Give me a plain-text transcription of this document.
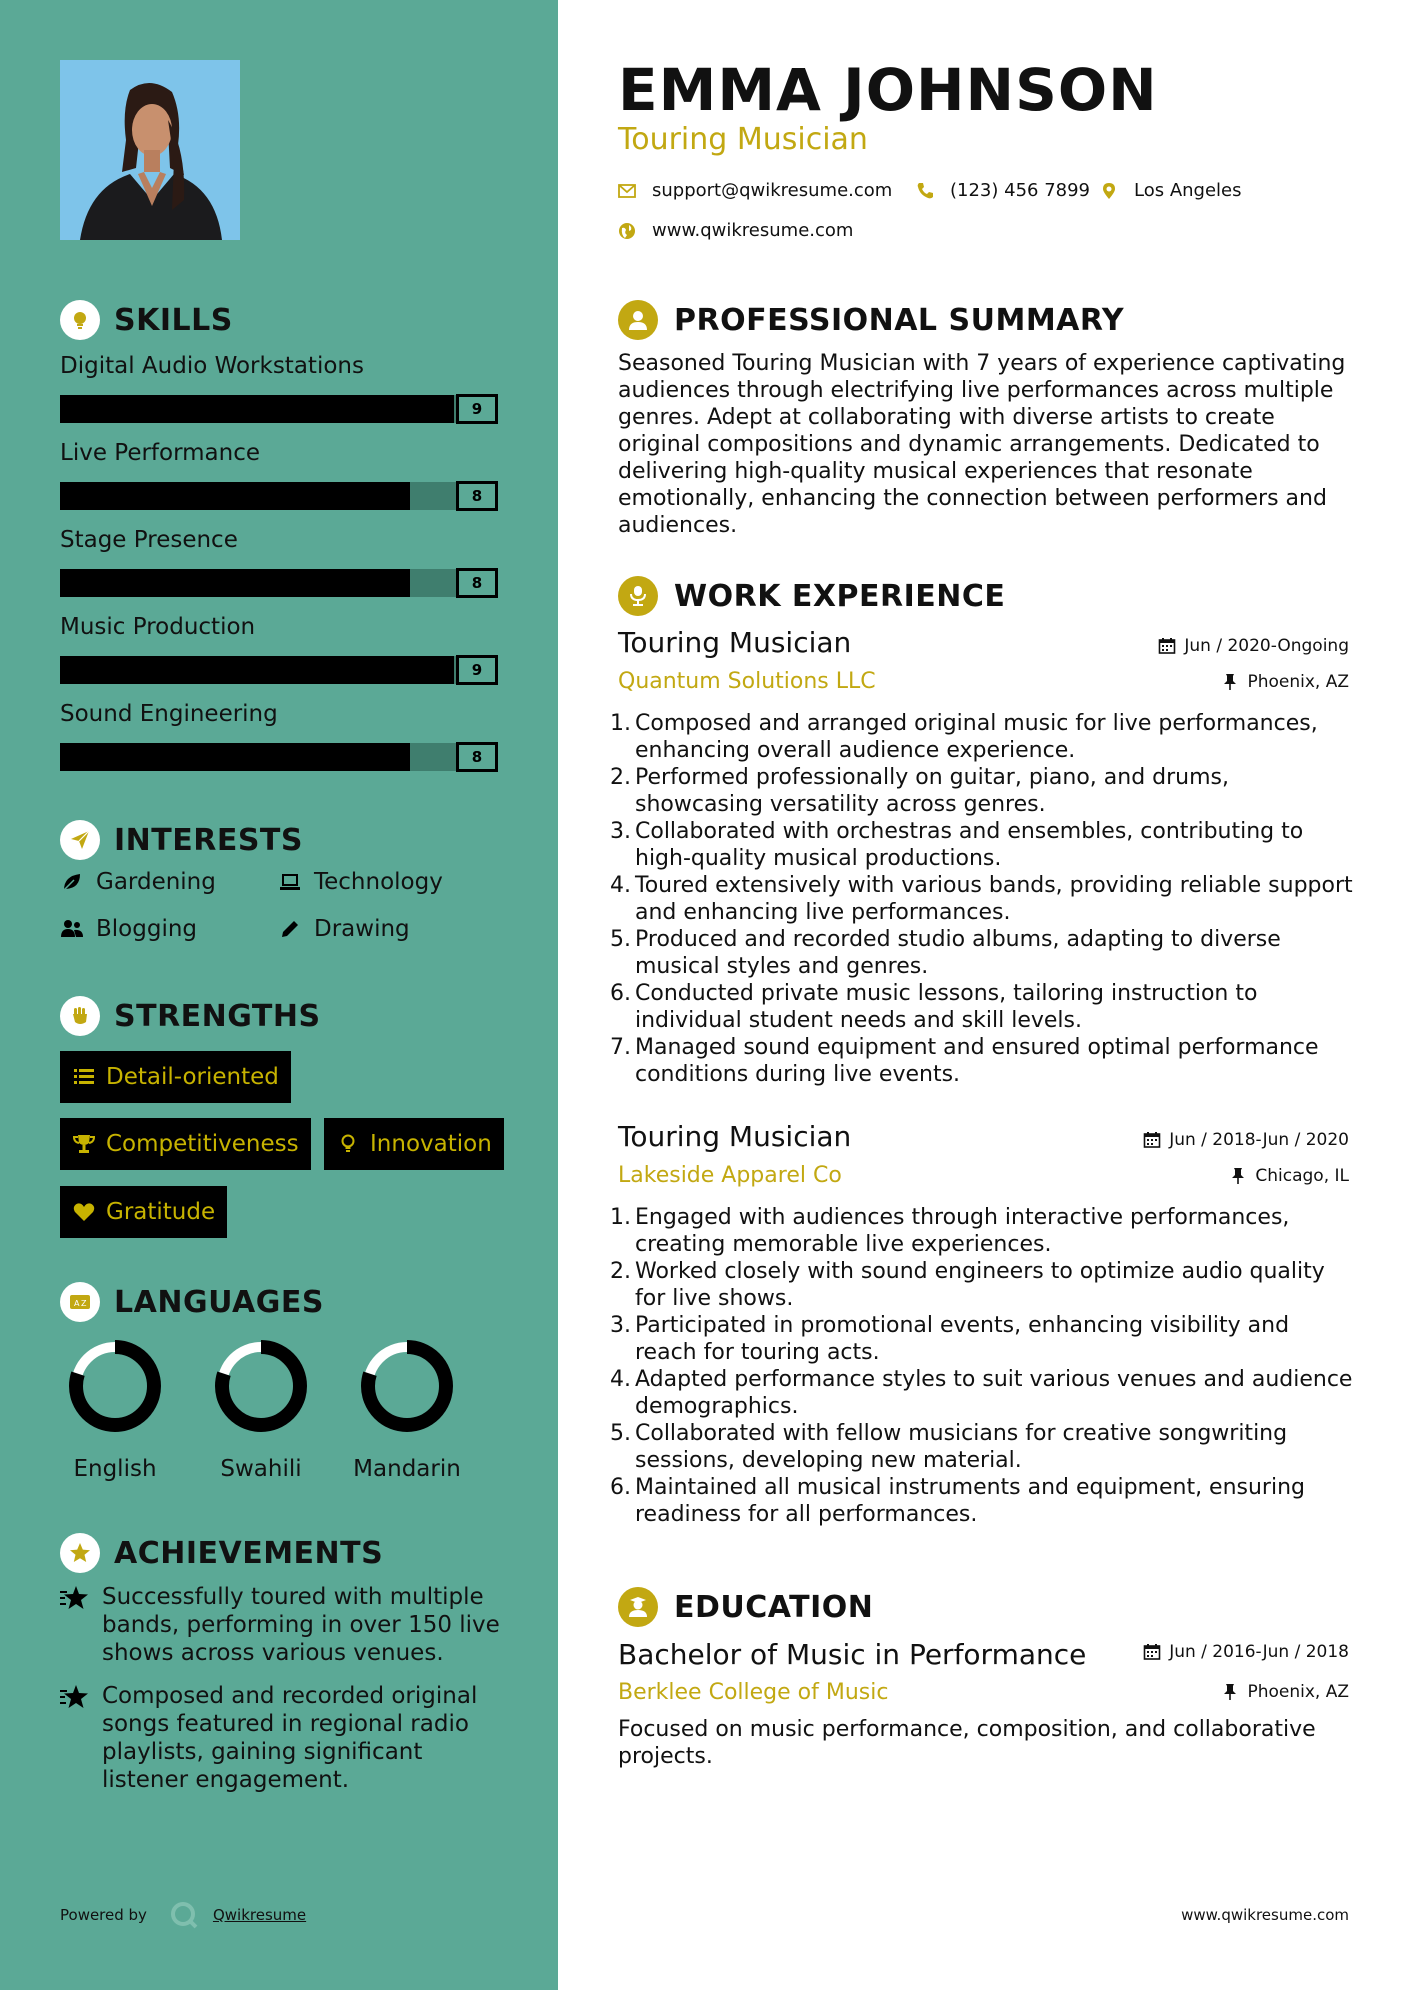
SKILLS
Digital Audio Workstations
9
Live Performance
8
Stage Presence
8
Music Production
9
Sound Engineering
8
INTERESTS
Gardening	Technology
Blogging	Drawing
STRENGTHS
Detail-oriented
Competitiveness	Innovation
Gratitude
A Z LANGUAGES
English	Swahili	Mandarin
ACHIEVEMENTS
Successfully toured with multiple bands, performing in over 150 live shows across various venues.
Composed and recorded original songs featured in regional radio playlists, gaining significant listener engagement.
Powered by	Qwikresume
EMMA JOHNSON
Touring Musician
support@qwikresume.com	(123) 456 7899 Los Angeles
www.qwikresume.com
PROFESSIONAL SUMMARY
Seasoned Touring Musician with 7 years of experience captivating audiences through electrifying live performances across multiple genres. Adept at collaborating with diverse artists to create original compositions and dynamic arrangements. Dedicated to delivering high-quality musical experiences that resonate emotionally, enhancing the connection between performers and audiences.
WORK EXPERIENCE
Touring Musician	Jun / 2020-Ongoing
Quantum Solutions LLC	Phoenix, AZ
1. Composed and arranged original music for live performances, enhancing overall audience experience.
2. Performed professionally on guitar, piano, and drums, showcasing versatility across genres.
3. Collaborated with orchestras and ensembles, contributing to high-quality musical productions.
4. Toured extensively with various bands, providing reliable support and enhancing live performances.
5. Produced and recorded studio albums, adapting to diverse musical styles and genres.
6. Conducted private music lessons, tailoring instruction to individual student needs and skill levels.
7. Managed sound equipment and ensured optimal performance conditions during live events.
Touring Musician	Jun / 2018-Jun / 2020
Lakeside Apparel Co	Chicago, IL
1. Engaged with audiences through interactive performances, creating memorable live experiences.
2. Worked closely with sound engineers to optimize audio quality for live shows.
3. Participated in promotional events, enhancing visibility and reach for touring acts.
4. Adapted performance styles to suit various venues and audience demographics.
5. Collaborated with fellow musicians for creative songwriting sessions, developing new material.
6. Maintained all musical instruments and equipment, ensuring readiness for all performances.
EDUCATION
Bachelor of Music in Performance	Jun / 2016-Jun / 2018
Berklee College of Music	Phoenix, AZ
Focused on music performance, composition, and collaborative projects.
www.qwikresume.com
